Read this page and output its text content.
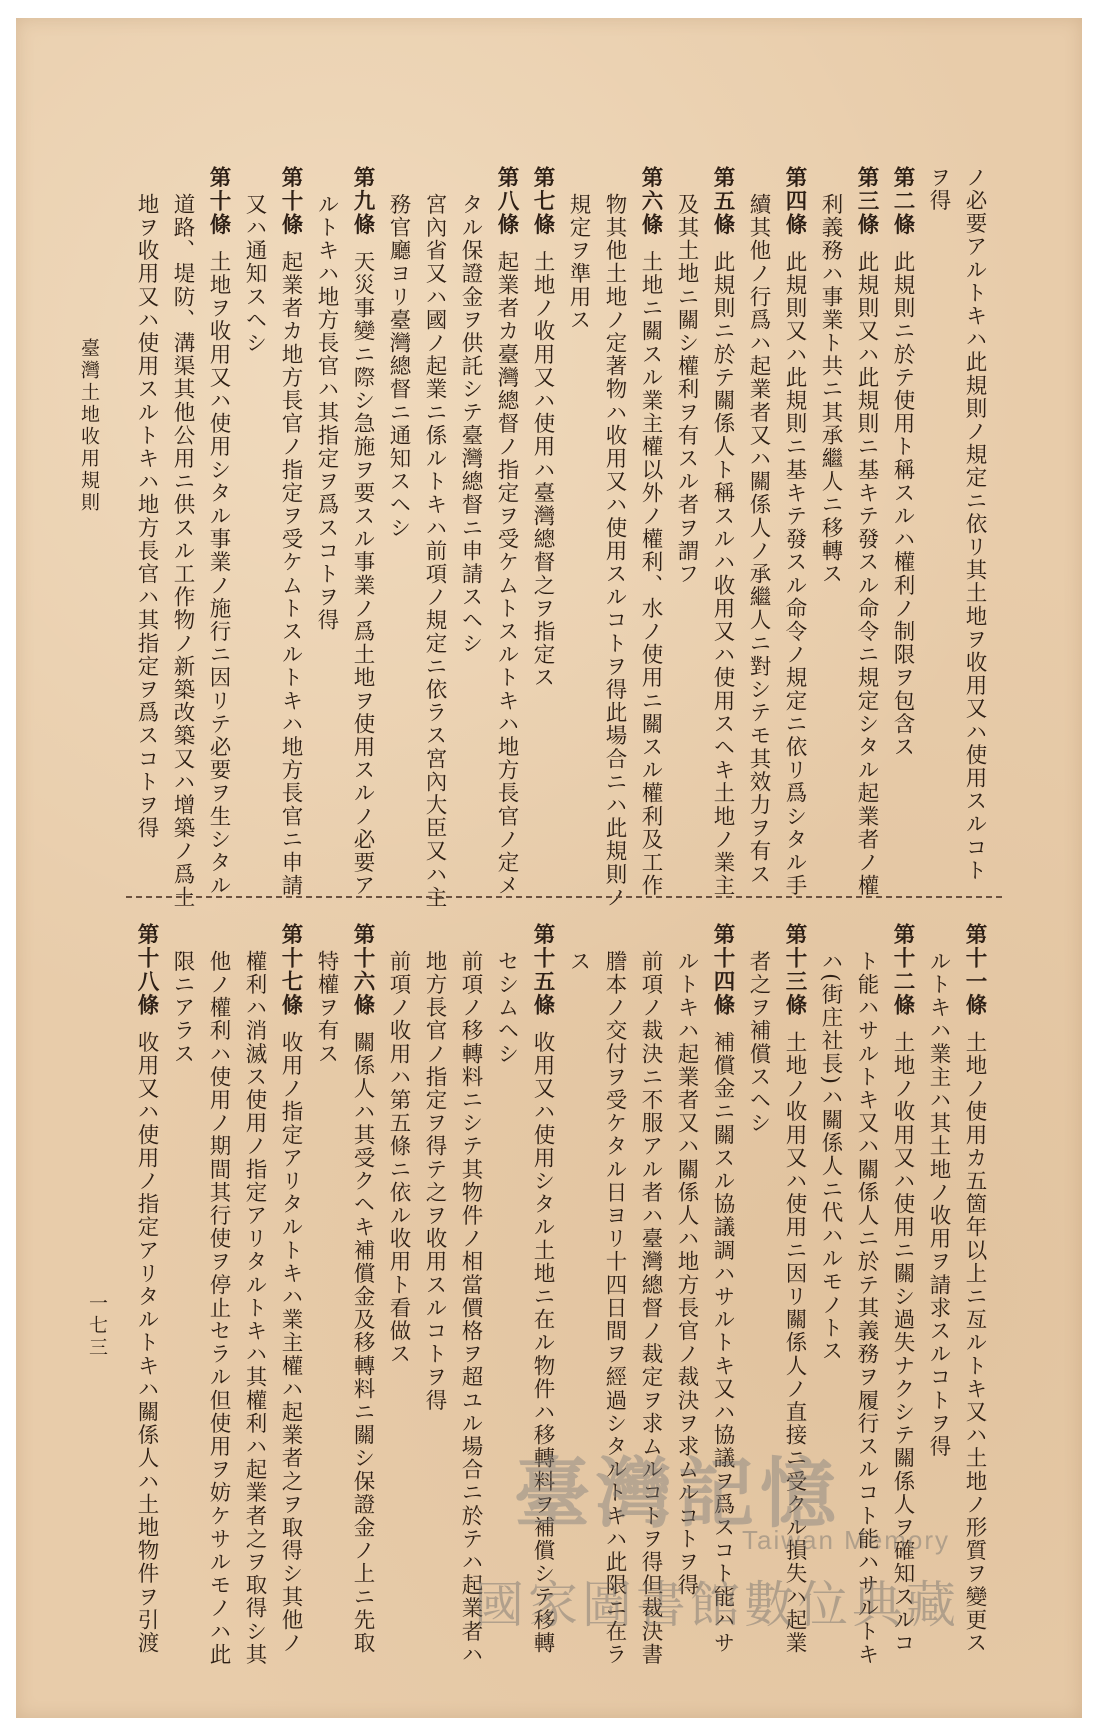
臺灣土地收用規則
一七三
ノ必要アルトキハ此規則ノ規定ニ依リ其土地ヲ收用又ハ使用スルコト
ヲ得
第二條此規則ニ於テ使用ト稱スルハ權利ノ制限ヲ包含ス
第三條此規則又ハ此規則ニ基キテ發スル命令ニ規定シタル起業者ノ權
利義務ハ事業ト共ニ其承繼人ニ移轉ス
第四條此規則又ハ此規則ニ基キテ發スル命令ノ規定ニ依リ爲シタル手
續其他ノ行爲ハ起業者又ハ關係人ノ承繼人ニ對シテモ其效力ヲ有ス
第五條此規則ニ於テ關係人ト稱スルハ收用又ハ使用スヘキ土地ノ業主
及其土地ニ關シ權利ヲ有スル者ヲ謂フ
第六條土地ニ關スル業主權以外ノ權利、水ノ使用ニ關スル權利及工作
物其他土地ノ定著物ハ收用又ハ使用スルコトヲ得此場合ニハ此規則ノ
規定ヲ準用ス
第七條土地ノ收用又ハ使用ハ臺灣總督之ヲ指定ス
第八條起業者カ臺灣總督ノ指定ヲ受ケムトスルトキハ地方長官ノ定メ
タル保證金ヲ供託シテ臺灣總督ニ申請スヘシ
宮內省又ハ國ノ起業ニ係ルトキハ前項ノ規定ニ依ラス宮內大臣又ハ主
務官廳ヨリ臺灣總督ニ通知スヘシ
第九條天災事變ニ際シ急施ヲ要スル事業ノ爲土地ヲ使用スルノ必要ア
ルトキハ地方長官ハ其指定ヲ爲スコトヲ得
第十條起業者カ地方長官ノ指定ヲ受ケムトスルトキハ地方長官ニ申請
又ハ通知スヘシ
第十條土地ヲ收用又ハ使用シタル事業ノ施行ニ因リテ必要ヲ生シタル
道路、堤防、溝渠其他公用ニ供スル工作物ノ新築改築又ハ增築ノ爲土
地ヲ收用又ハ使用スルトキハ地方長官ハ其指定ヲ爲スコトヲ得
第十一條土地ノ使用カ五箇年以上ニ亙ルトキ又ハ土地ノ形質ヲ變更ス
ルトキハ業主ハ其土地ノ收用ヲ請求スルコトヲ得
第十二條土地ノ收用又ハ使用ニ關シ過失ナクシテ關係人ヲ確知スルコ
ト能ハサルトキ又ハ關係人ニ於テ其義務ヲ履行スルコト能ハサルトキ
ハ(街庄社長)ハ關係人ニ代ハルモノトス
第十三條土地ノ收用又ハ使用ニ因リ關係人ノ直接ニ受クル損失ハ起業
者之ヲ補償スヘシ
第十四條補償金ニ關スル協議調ハサルトキ又ハ協議ヲ爲スコト能ハサ
ルトキハ起業者又ハ關係人ハ地方長官ノ裁決ヲ求ムルコトヲ得
前項ノ裁決ニ不服アル者ハ臺灣總督ノ裁定ヲ求ムルコトヲ得但裁決書
謄本ノ交付ヲ受ケタル日ヨリ十四日間ヲ經過シタルトキハ此限ニ在ラ
ス
第十五條收用又ハ使用シタル土地ニ在ル物件ハ移轉料ヲ補償シテ移轉
セシムヘシ
前項ノ移轉料ニシテ其物件ノ相當價格ヲ超ユル場合ニ於テハ起業者ハ
地方長官ノ指定ヲ得テ之ヲ收用スルコトヲ得
前項ノ收用ハ第五條ニ依ル收用ト看做ス
第十六條關係人ハ其受クヘキ補償金及移轉料ニ關シ保證金ノ上ニ先取
特權ヲ有ス
第十七條收用ノ指定アリタルトキハ業主權ハ起業者之ヲ取得シ其他ノ
權利ハ消滅ス使用ノ指定アリタルトキハ其權利ハ起業者之ヲ取得シ其
他ノ權利ハ使用ノ期間其行使ヲ停止セラル但使用ヲ妨ケサルモノハ此
限ニアラス
第十八條收用又ハ使用ノ指定アリタルトキハ關係人ハ土地物件ヲ引渡	臺灣記憶
Taiwan Memory
國家圖書館數位典藏
